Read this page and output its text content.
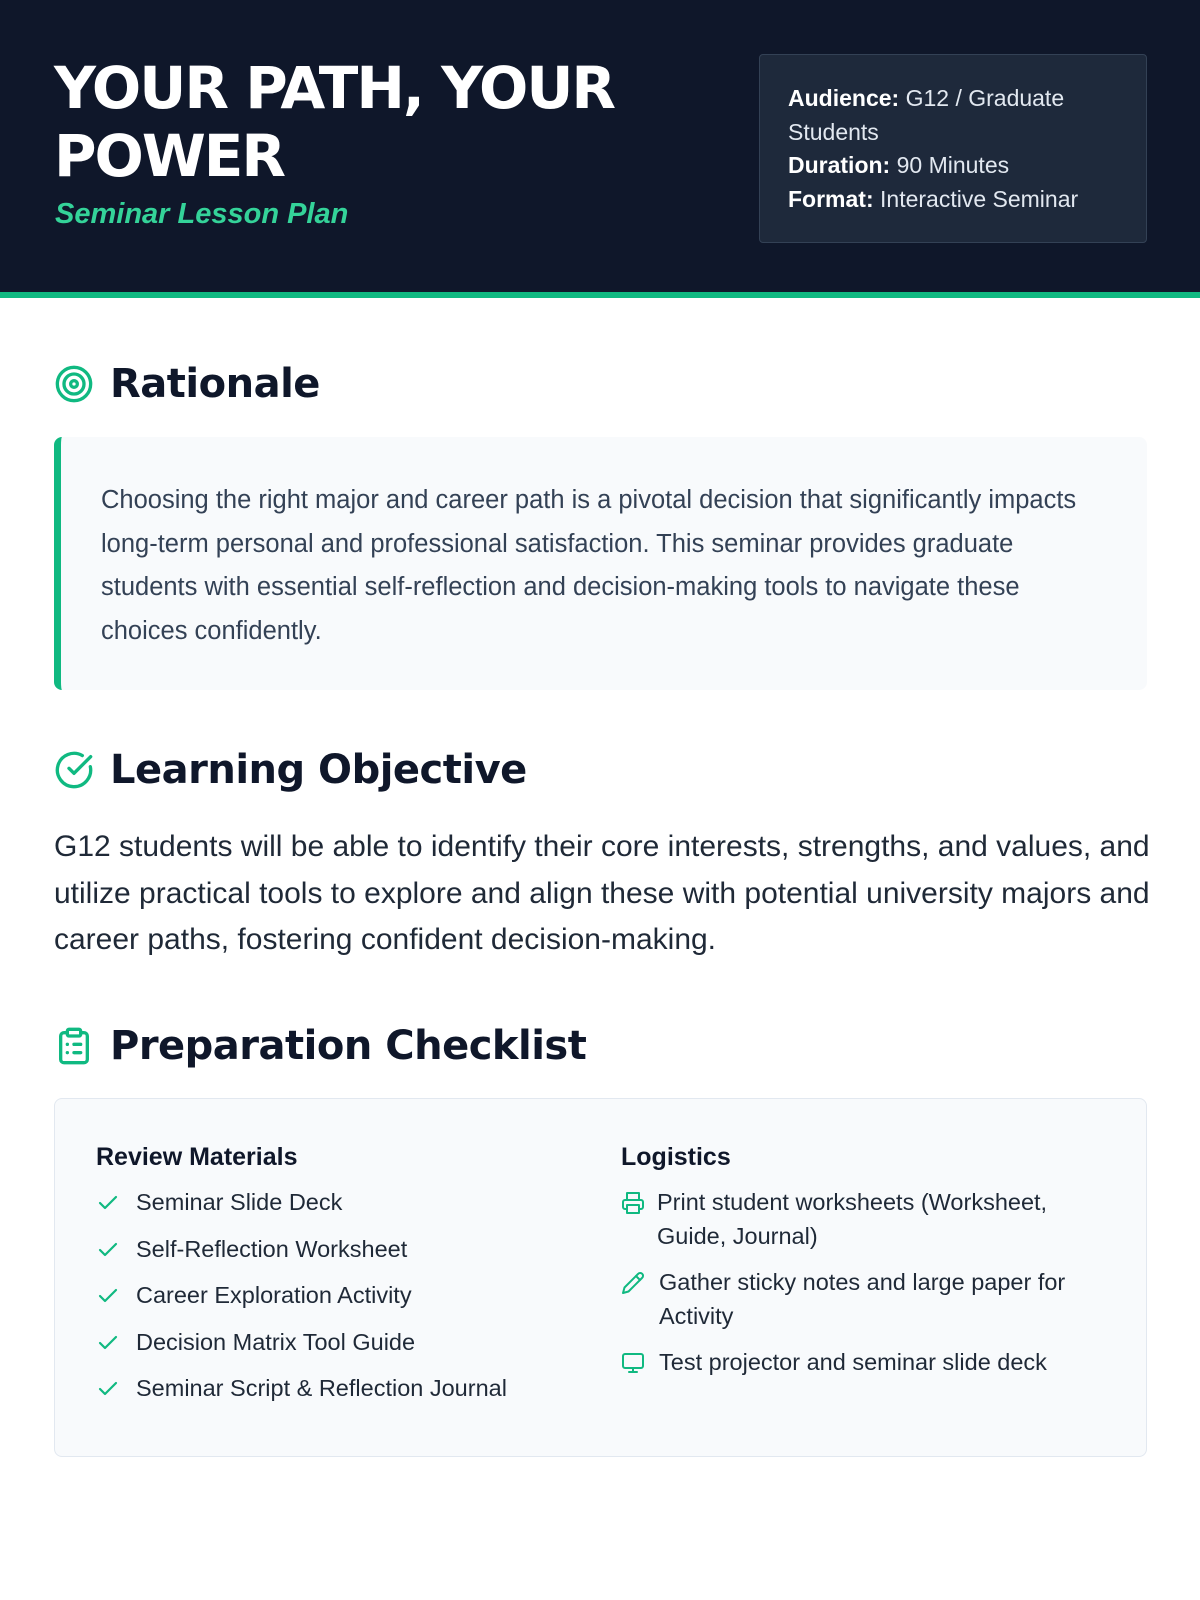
YOUR PATH, YOUR POWER

Seminar Lesson Plan

Audience: G12 / Graduate Students
Duration: 90 Minutes
Format: Interactive Seminar
Rationale
Choosing the right major and career path is a pivotal decision that significantly impacts long-term personal and professional satisfaction. This seminar provides graduate students with essential self-reflection and decision-making tools to navigate these choices confidently.
Learning Objective

G12 students will be able to identify their core interests, strengths, and values, and utilize practical tools to explore and align these with potential university majors and career paths, fostering confident decision-making.

Preparation Checklist
Review Materials
Seminar Slide Deck
Self-Reflection Worksheet
Career Exploration Activity
Decision Matrix Tool Guide
Seminar Script & Reflection Journal
Logistics
Print student worksheets (Worksheet, Guide, Journal)
Gather sticky notes and large paper for Activity
Test projector and seminar slide deck
